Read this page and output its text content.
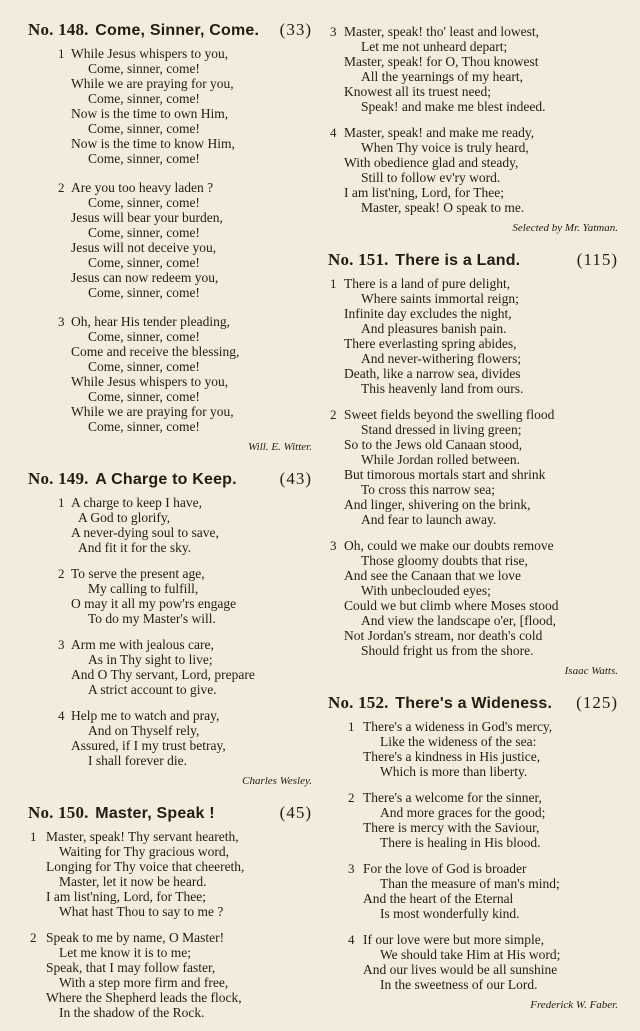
No. 148. Come, Sinner, Come. (33)
1 While Jesus whispers to you,
Come, sinner, come!
While we are praying for you,
Come, sinner, come!
Now is the time to own Him,
Come, sinner, come!
Now is the time to know Him,
Come, sinner, come!
2 Are you too heavy laden ?
Come, sinner, come!
Jesus will bear your burden,
Come, sinner, come!
Jesus will not deceive you,
Come, sinner, come!
Jesus can now redeem you,
Come, sinner, come!
3 Oh, hear His tender pleading,
Come, sinner, come!
Come and receive the blessing,
Come, sinner, come!
While Jesus whispers to you,
Come, sinner, come!
While we are praying for you,
Come, sinner, come!
Will. E. Witter.
No. 149. A Charge to Keep.	(43)
1 A charge to keep I have,
A God to glorify,
A never-dying soul to save,
And fit it for the sky.
2 To serve the present age,
My calling to fulfill,
O may it all my pow'rs engage
To do my Master's will.
3 Arm me with jealous care,
As in Thy sight to live;
And O Thy servant, Lord, prepare
A strict account to give.
4 Help me to watch and pray,
And on Thyself rely,
Assured, if I my trust betray,
I shall forever die.
Charles Wesley.
No. 150. Master, Speak !	(45)
1 Master, speak! Thy servant heareth,
Waiting for Thy gracious word,
Longing for Thy voice that cheereth,
Master, let it now be heard.
I am list'ning, Lord, for Thee;
What hast Thou to say to me ?
2 Speak to me by name, O Master!
Let me know it is to me;
Speak, that I may follow faster,
With a step more firm and free,
Where the Shepherd leads the flock,
In the shadow of the Rock.
3 Master, speak! tho' least and lowest,
Let me not unheard depart;
Master, speak! for O, Thou knowest
All the yearnings of my heart,
Knowest all its truest need;
Speak! and make me blest indeed.
4 Master, speak! and make me ready,
When Thy voice is truly heard,
With obedience glad and steady,
Still to follow ev'ry word.
I am list'ning, Lord, for Thee;
Master, speak! O speak to me.
Selected by Mr. Yatman.
No. 151. There is a Land.	(115)
1 There is a land of pure delight,
Where saints immortal reign;
Infinite day excludes the night,
And pleasures banish pain.
There everlasting spring abides,
And never-withering flowers;
Death, like a narrow sea, divides
This heavenly land from ours.
2 Sweet fields beyond the swelling flood
Stand dressed in living green;
So to the Jews old Canaan stood,
While Jordan rolled between.
But timorous mortals start and shrink
To cross this narrow sea;
And linger, shivering on the brink,
And fear to launch away.
3 Oh, could we make our doubts remove
Those gloomy doubts that rise,
And see the Canaan that we love
With unbeclouded eyes;
Could we but climb where Moses stood
And view the landscape o'er, [flood,
Not Jordan's stream, nor death's cold
Should fright us from the shore.
Isaac Watts.
No. 152. There's a Wideness. (125)
1 There's a wideness in God's mercy,
Like the wideness of the sea:
There's a kindness in His justice,
Which is more than liberty.
2 There's a welcome for the sinner,
And more graces for the good;
There is mercy with the Saviour,
There is healing in His blood.
3 For the love of God is broader
Than the measure of man's mind;
And the heart of the Eternal
Is most wonderfully kind.
4 If our love were but more simple,
We should take Him at His word;
And our lives would be all sunshine
In the sweetness of our Lord.
Frederick W. Faber.
